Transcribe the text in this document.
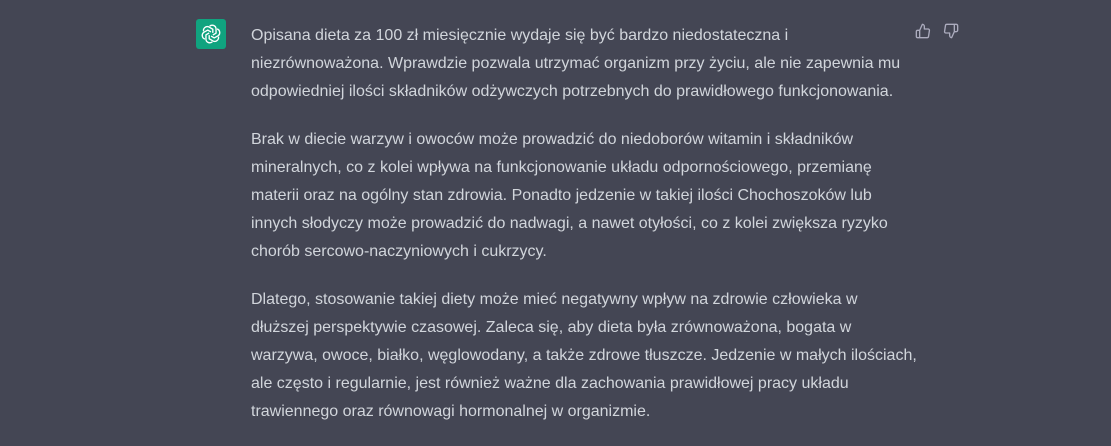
Opisana dieta za 100 zł miesięcznie wydaje się być bardzo niedostateczna i
niezrównoważona. Wprawdzie pozwala utrzymać organizm przy życiu, ale nie zapewnia mu
odpowiedniej ilości składników odżywczych potrzebnych do prawidłowego funkcjonowania.

Brak w diecie warzyw i owoców może prowadzić do niedoborów witamin i składników
mineralnych, co z kolei wpływa na funkcjonowanie układu odpornościowego, przemianę
materii oraz na ogólny stan zdrowia. Ponadto jedzenie w takiej ilości Chochoszoków lub
innych słodyczy może prowadzić do nadwagi, a nawet otyłości, co z kolei zwiększa ryzyko
chorób sercowo-naczyniowych i cukrzycy.

Dlatego, stosowanie takiej diety może mieć negatywny wpływ na zdrowie człowieka w
dłuższej perspektywie czasowej. Zaleca się, aby dieta była zrównoważona, bogata w
warzywa, owoce, białko, węglowodany, a także zdrowe tłuszcze. Jedzenie w małych ilościach,
ale często i regularnie, jest również ważne dla zachowania prawidłowej pracy układu
trawiennego oraz równowagi hormonalnej w organizmie.
